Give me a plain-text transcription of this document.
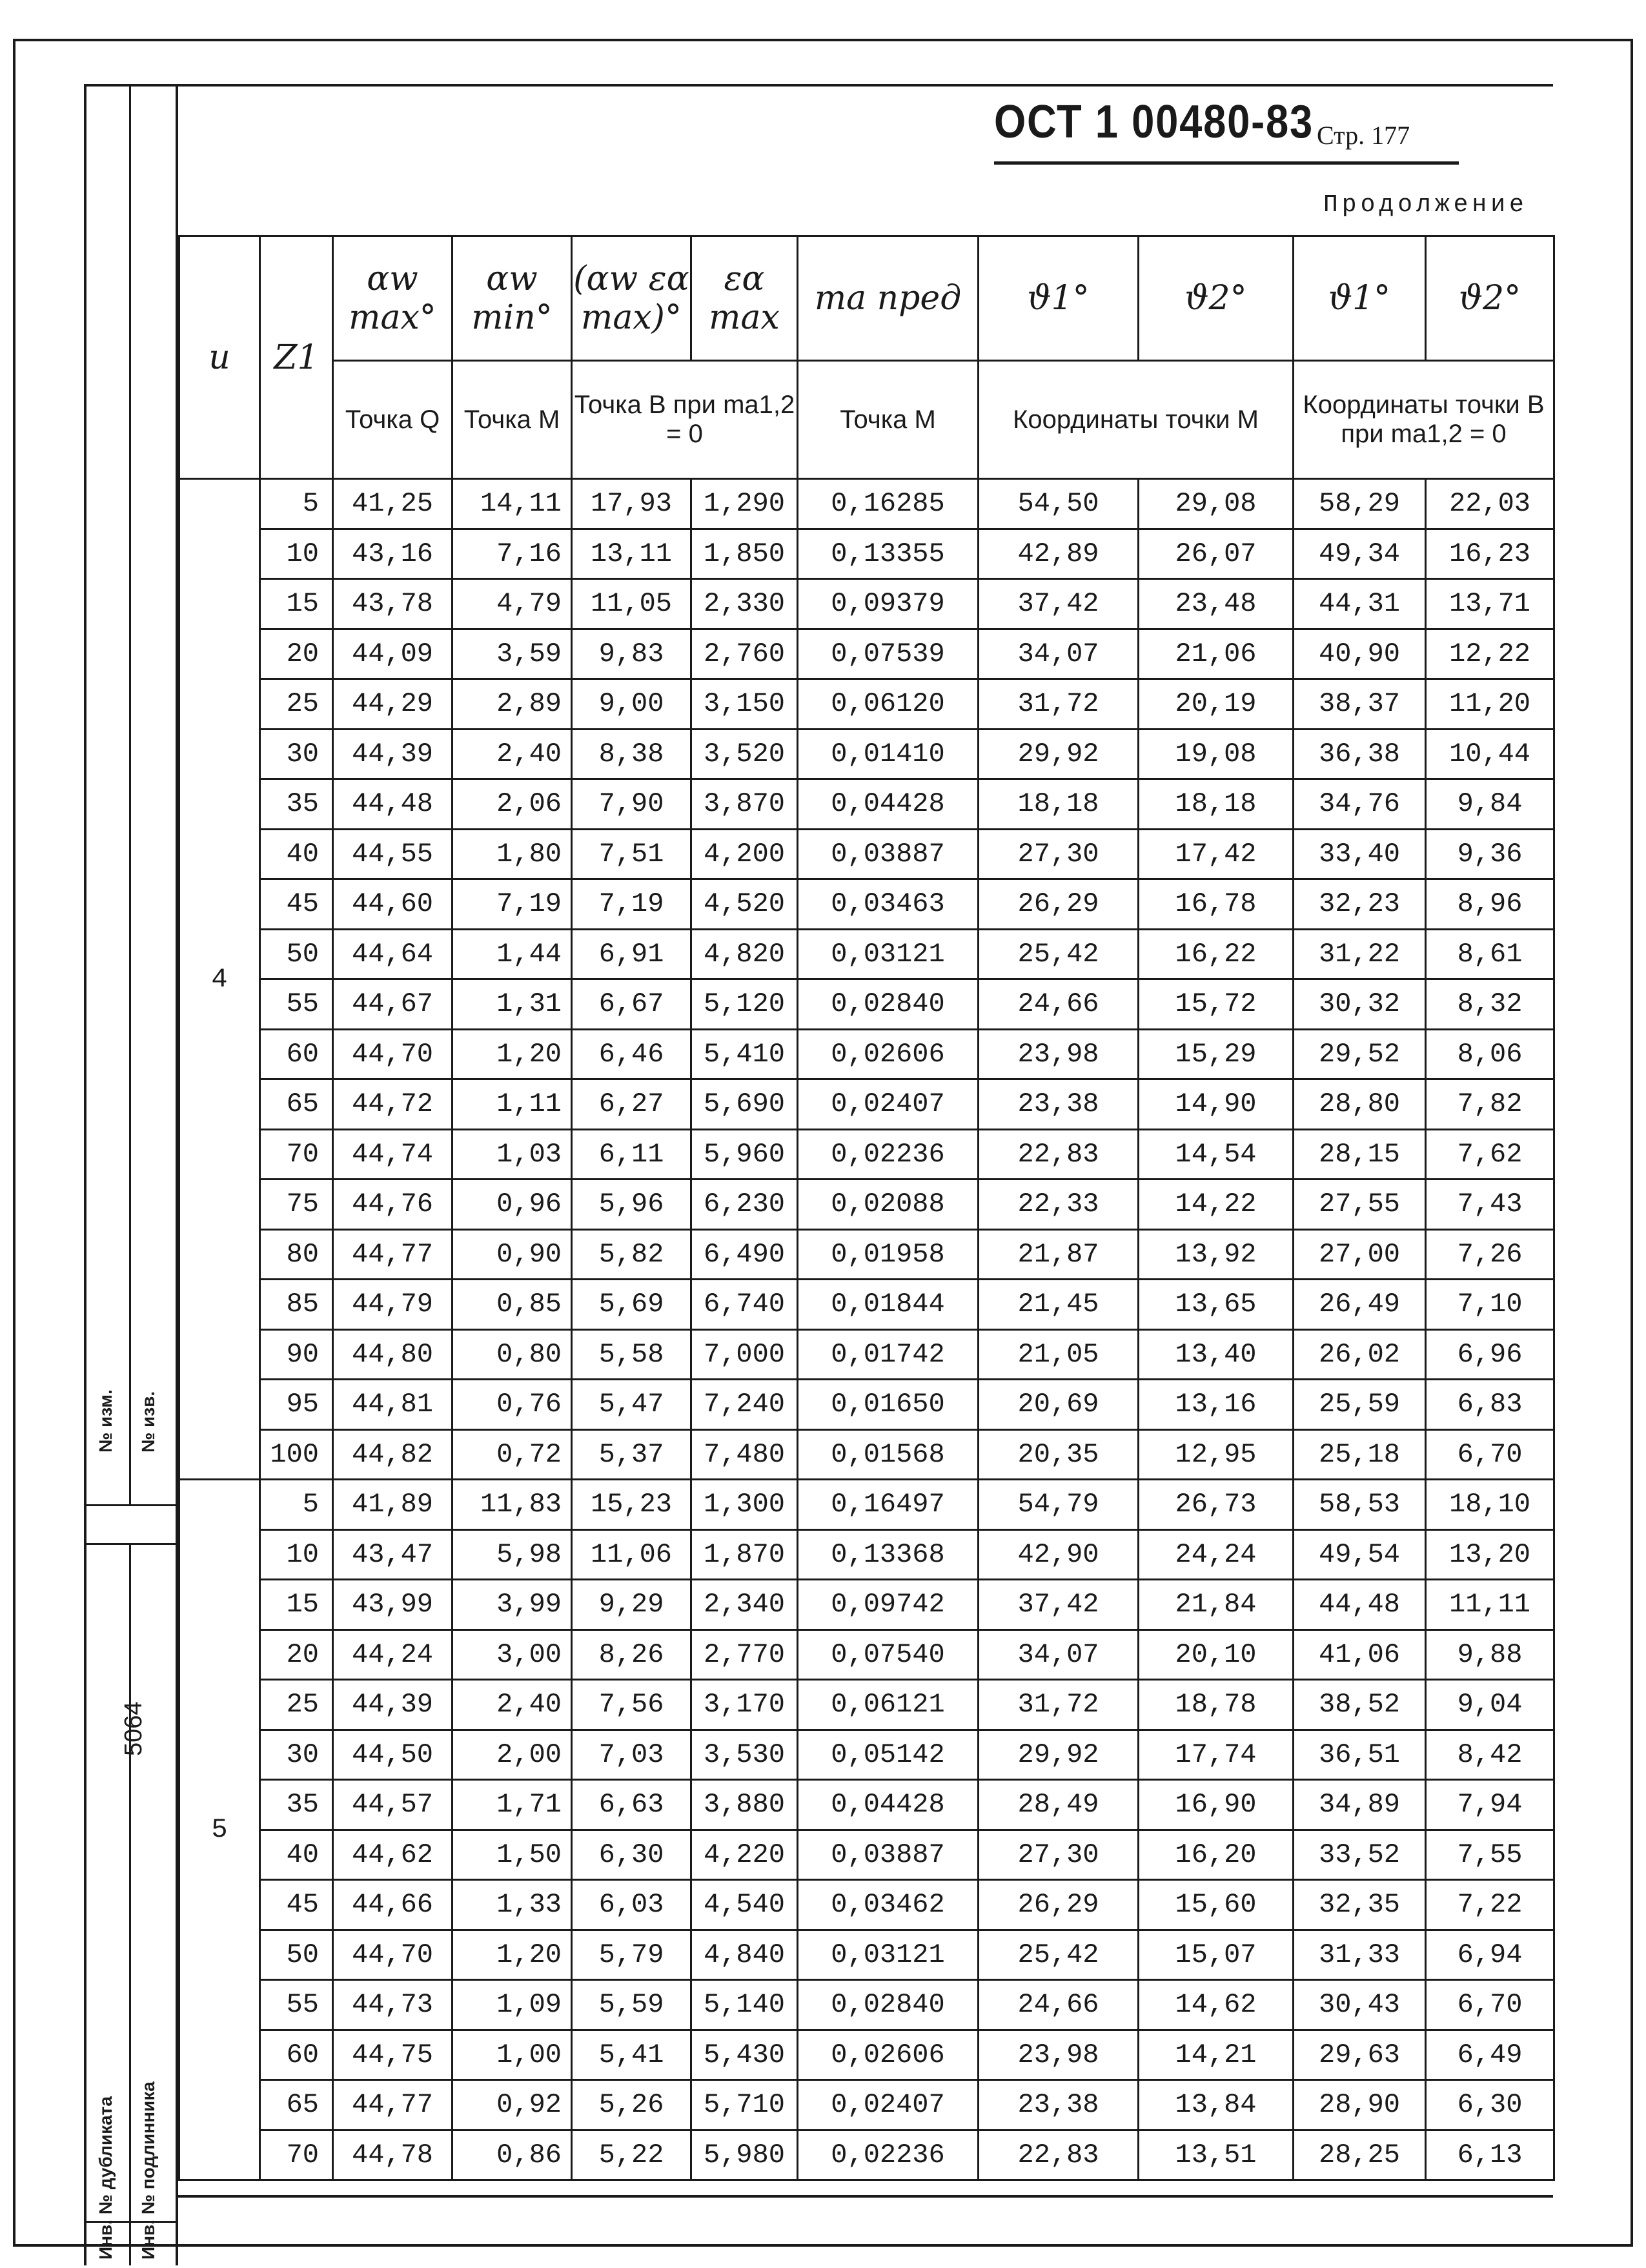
№ изм. № изв.
5064
Инв. № дубликата Инв. № подлинника
ОСТ 1 00480-83 Стр. 177
Продолжение
u	Z1	αw max°	αw min°	(αw εα max)°	εα max	ma пред	ϑ1°	ϑ2°	ϑ1°	ϑ2°
		Точка Q	Точка M	Точка B при ma1,2 = 0		Точка M	Координаты точки M		Координаты точки B при ma1,2 = 0	
4	5	41,25	14,11	17,93	1,290	0,16285	54,50	29,08	58,29	22,03
	10	43,16	7,16	13,11	1,850	0,13355	42,89	26,07	49,34	16,23
	15	43,78	4,79	11,05	2,330	0,09379	37,42	23,48	44,31	13,71
	20	44,09	3,59	9,83	2,760	0,07539	34,07	21,06	40,90	12,22
	25	44,29	2,89	9,00	3,150	0,06120	31,72	20,19	38,37	11,20
	30	44,39	2,40	8,38	3,520	0,01410	29,92	19,08	36,38	10,44
	35	44,48	2,06	7,90	3,870	0,04428	18,18	18,18	34,76	9,84
	40	44,55	1,80	7,51	4,200	0,03887	27,30	17,42	33,40	9,36
	45	44,60	7,19	7,19	4,520	0,03463	26,29	16,78	32,23	8,96
	50	44,64	1,44	6,91	4,820	0,03121	25,42	16,22	31,22	8,61
	55	44,67	1,31	6,67	5,120	0,02840	24,66	15,72	30,32	8,32
	60	44,70	1,20	6,46	5,410	0,02606	23,98	15,29	29,52	8,06
	65	44,72	1,11	6,27	5,690	0,02407	23,38	14,90	28,80	7,82
	70	44,74	1,03	6,11	5,960	0,02236	22,83	14,54	28,15	7,62
	75	44,76	0,96	5,96	6,230	0,02088	22,33	14,22	27,55	7,43
	80	44,77	0,90	5,82	6,490	0,01958	21,87	13,92	27,00	7,26
	85	44,79	0,85	5,69	6,740	0,01844	21,45	13,65	26,49	7,10
	90	44,80	0,80	5,58	7,000	0,01742	21,05	13,40	26,02	6,96
	95	44,81	0,76	5,47	7,240	0,01650	20,69	13,16	25,59	6,83
	100	44,82	0,72	5,37	7,480	0,01568	20,35	12,95	25,18	6,70
5	5	41,89	11,83	15,23	1,300	0,16497	54,79	26,73	58,53	18,10
	10	43,47	5,98	11,06	1,870	0,13368	42,90	24,24	49,54	13,20
	15	43,99	3,99	9,29	2,340	0,09742	37,42	21,84	44,48	11,11
	20	44,24	3,00	8,26	2,770	0,07540	34,07	20,10	41,06	9,88
	25	44,39	2,40	7,56	3,170	0,06121	31,72	18,78	38,52	9,04
	30	44,50	2,00	7,03	3,530	0,05142	29,92	17,74	36,51	8,42
	35	44,57	1,71	6,63	3,880	0,04428	28,49	16,90	34,89	7,94
	40	44,62	1,50	6,30	4,220	0,03887	27,30	16,20	33,52	7,55
	45	44,66	1,33	6,03	4,540	0,03462	26,29	15,60	32,35	7,22
	50	44,70	1,20	5,79	4,840	0,03121	25,42	15,07	31,33	6,94
	55	44,73	1,09	5,59	5,140	0,02840	24,66	14,62	30,43	6,70
	60	44,75	1,00	5,41	5,430	0,02606	23,98	14,21	29,63	6,49
	65	44,77	0,92	5,26	5,710	0,02407	23,38	13,84	28,90	6,30
	70	44,78	0,86	5,22	5,980	0,02236	22,83	13,51	28,25	6,13
